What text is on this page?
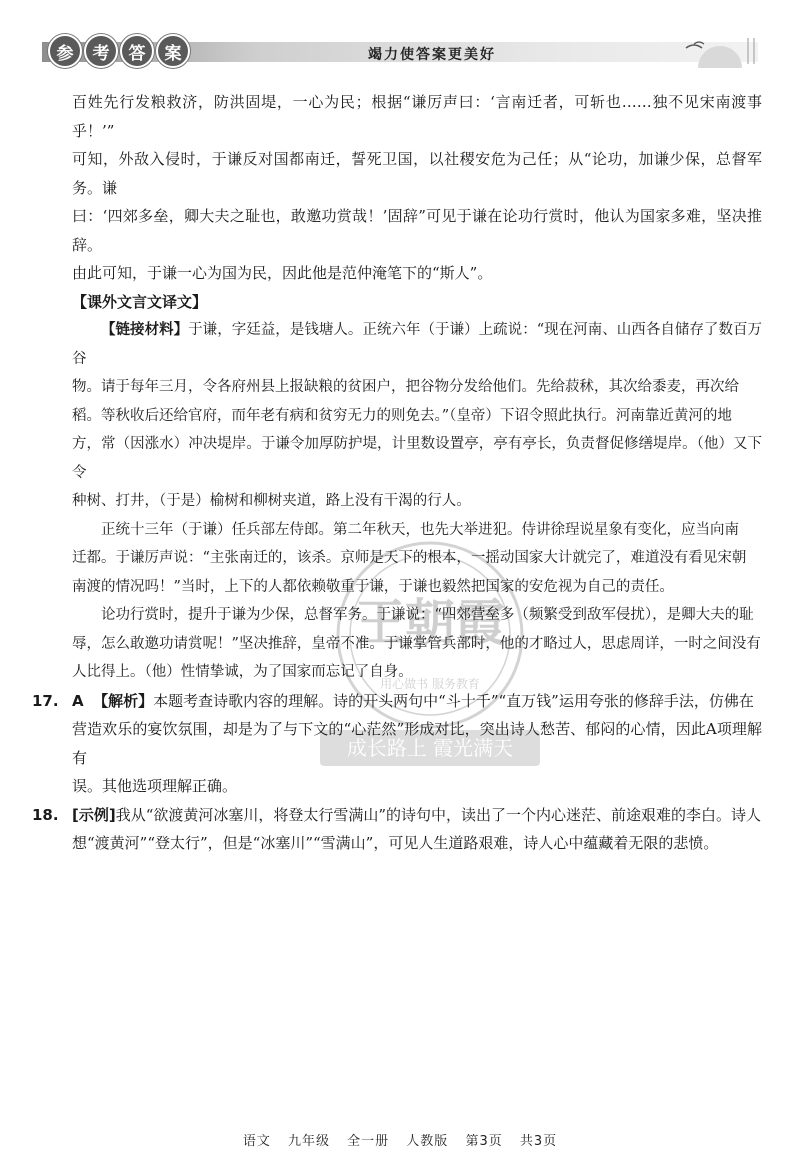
参	考	答	案	竭力使答案更美好
王朝霞
用心做书 服务教育
成长路上 霞光满天

百姓先行发粮救济，防洪固堤，一心为民；根据“谦厉声曰：‘言南迁者，可斩也……独不见宋南渡事乎！’”

可知，外敌入侵时，于谦反对国都南迁，誓死卫国，以社稷安危为己任；从“论功，加谦少保，总督军务。谦

曰：‘四郊多垒，卿大夫之耻也，敢邀功赏哉！’固辞”可见于谦在论功行赏时，他认为国家多难，坚决推辞。

由此可知，于谦一心为国为民，因此他是范仲淹笔下的“斯人”。

【课外文言文译文】

【链接材料】于谦，字廷益，是钱塘人。正统六年（于谦）上疏说：“现在河南、山西各自储存了数百万谷

物。请于每年三月，令各府州县上报缺粮的贫困户，把谷物分发给他们。先给菽秫，其次给黍麦，再次给

稻。等秋收后还给官府，而年老有病和贫穷无力的则免去。”（皇帝）下诏令照此执行。河南靠近黄河的地

方，常（因涨水）冲决堤岸。于谦令加厚防护堤，计里数设置亭，亭有亭长，负责督促修缮堤岸。（他）又下令

种树、打井，（于是）榆树和柳树夹道，路上没有干渴的行人。

正统十三年（于谦）任兵部左侍郎。第二年秋天，也先大举进犯。侍讲徐珵说星象有变化，应当向南

迁都。于谦厉声说：“主张南迁的，该杀。京师是天下的根本，一摇动国家大计就完了，难道没有看见宋朝

南渡的情况吗！”当时，上下的人都依赖敬重于谦，于谦也毅然把国家的安危视为自己的责任。

论功行赏时，提升于谦为少保，总督军务。于谦说：“四郊营垒多（频繁受到敌军侵扰），是卿大夫的耻

辱，怎么敢邀功请赏呢！”坚决推辞，皇帝不准。于谦掌管兵部时，他的才略过人，思虑周详，一时之间没有

人比得上。（他）性情挚诚，为了国家而忘记了自身。

17. A 【解析】本题考查诗歌内容的理解。诗的开头两句中“斗十千”“直万钱”运用夸张的修辞手法，仿佛在

营造欢乐的宴饮氛围，却是为了与下文的“心茫然”形成对比，突出诗人愁苦、郁闷的心情，因此A项理解有

误。其他选项理解正确。

18. [示例]我从“欲渡黄河冰塞川，将登太行雪满山”的诗句中，读出了一个内心迷茫、前途艰难的李白。诗人

想“渡黄河”“登太行”，但是“冰塞川”“雪满山”，可见人生道路艰难，诗人心中蕴藏着无限的悲愤。

语文 九年级 全一册 人教版 第3页 共3页
